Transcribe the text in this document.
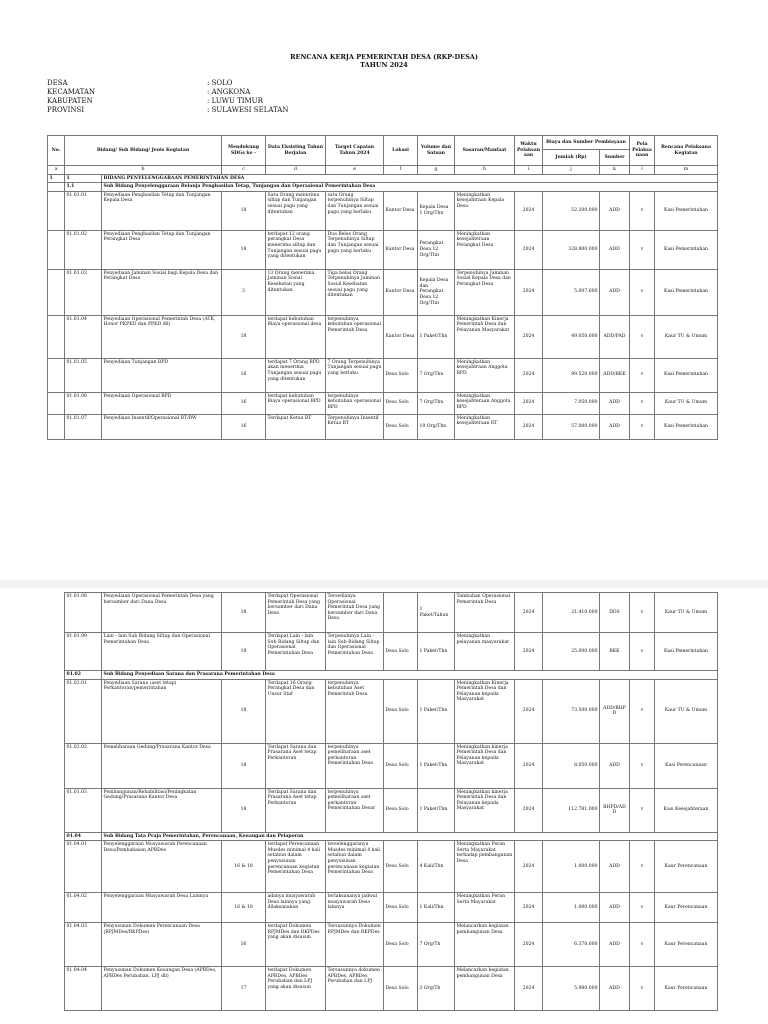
RENCANA KERJA PEMERINTAH DESA (RKP-DESA)
TAHUN 2024
DESA	: SOLO
KECAMATAN	: ANGKONA
KABUPATEN	: LUWU TIMUR
PROVINSI	: SULAWESI SELATAN
No.	Bidang/ Sub Bidang/ Jenis Kegiatan		Mendukung SDGs ke -	Data Eksisting Tahun Berjalan	Target Capaian Tahun 2024	Lokasi	Volume dan Satuan	Sasaran/Manfaat	Waktu Pelaksanaan	Biaya dan Sumber Pembiayaan		Pola Pelaksanaan	Rencana Pelaksana Kegiatan
										Jumlah (Rp)	Sumber		
a	b		c	d	e	f	g	h	i	j	k	l	m
1	1	BIDANG PENYELENGGARAAN PEMERINTAHAN DESA											
	1.1	Sub Bidang Penyelenggaraan Belanja Penghasilan Tetap, Tunjangan dan Operasional Pemerintahan Desa											
	01.01.01	Penyediaan Penghasilan Tetap dan Tunjangan Kepala Desa	18	Satu Orang menerima siltap dan Tunjangan sesuai pagu yang ditentukan	satu Orang terpenuhinya Siltap dan Tunjangan sesuai pagu yang berlaku	Kantor Desa	Kepala Desa 1 Org/Thn	Meningkatkan kesejahtraan Kepala Desa	2024	52.200.000	ADD	v	Kasi Pemerintahan
	01.01.02	Penyediaan Penghasilan Tetap dan Tunjangan Perangkat Desa	18	terdapat 12 orang perangkat Desa menerima siltap dan Tunjangan sesuai pagu yang ditentukan	Dua Belas Orang Terpenuhinya Siltap dan Tunjangan sesuai pagu yang berlaku	Kantor Desa	Perangkat Desa 12 Org/Thn	Meningkatkan kesejahteraan Perangkat Desa	2024	328.800.000	ADD	v	Kasi Pemerintahan
	01.01.03	Penyediaan Jaminan Sosial bagi Kepala Desa dan Perangkat Desa	3	13 Orang menerima Jaminan Sosial Kesehatan yang ditentukan	Tiga belas Orang Terpenuhinya Jaminan Sosial Kesehatan sesuai pagu yang ditentukan	Kantor Desa	Kepala Desa dan Perangkat Desa 12 Org/Thn	Terpenuhinya Jaminan Sosial Kepala Desa dan Perangkat Desa	2024	5.007.600	ADD	v	Kasi Pemerintahan
	01.01.04	Penyediaan Operasional Pemerintah Desa (ATK, Honor PKPKD dan PPKD dll)	18	terdapat kebutuhan Biaya operasional desa	terpenuhinya kebutuhan operasional Pemerintah Desa	Kantor Desa	1 Paket/Thn	Meningkatkan Kinerja Pemerintah Desa dan Pelayanan Masyarakat	2024	49.050.000	ADD/PAD	v	Kaur TU & Umum
	01.01.05	Penyediaan Tunjangan BPD	16	terdapat 7 Orang BPD akan menerima Tunjangan sesuai pagu yang ditentukan	7 Orang Terpenuhinya Tunjangan sesuai pagu yang berlaku	Desa Solo	7 Org/Thn	Meningkatkan kesejahtraan Anggota BPD	2024	99.520.000	ADD/BKK	v	Kasi Pemerintahan
	01.01.06	Penyediaan Operasional BPD	16	terdapat kebutuhan Biaya operasional BPD	terpenuhinya kebutuhan operasional BPD	Desa Solo	7 Org/Thn	Meningkatkan kesejahteraan Anggota BPD	2024	7.050.000	ADD	v	Kaur TU & Umum
	01.01.07	Penyediaan Insentif/Operasional RT/RW	16	Terdapat Ketua RT	Terpenuhinya Insentif Ketua RT	Desa Solo	19 Org/Thn	Meningkatkan kesejahteraan RT	2024	57.000.000	ADD	v	Kasi Pemerintahan
01.01.08	Penyediaan Operasional Pemerintah Desa yang bersumber dari Dana Desa	18	Terdapat Operasional Pemerintah Desa yang bersumber dari Dana Desa	Tersedianya Operasional Pemerintah Desa yang bersumber dari Dana Desa		1 Paket/Tahun	Tambahan Operasional Pemerintah Desa	2024	21.410.000	DDS	v	Kaur TU & Umum
01.01.99	Lain - lain Sub Bidang Siltap dan Operasional Pemerintahan Desa	18	Terdapat Lain - lain Sub Bidang Siltap dan Operasional Pemerintahan Desa	Terpenuhinya Lain - lain Sub Bidang Siltap dan Operasional Pemerintahan Desa	Desa Solo	1 Paket/Thn	Meningkatkan pelayanan masyarakat	2024	25.000.000	BKK	v	Kasi Pemerintahan
01.02	Sub Bidang Penyediaan Sarana dan Prasarana Pemerintahan Desa											
01.02.01	Penyediaan Sarana (aset tetap) Perkantoran/pemerintahan	18	Terdapat 16 Orang Perangkat Desa dan Unsur Staf	terpenuhinya kebutuhan Aset Pemerintah Desa	Desa Solo	1 Paket/Thn	Meningkatkan Kinerja Pemerintah Desa dan Pelayanan kepada Masyarakat	2024	73.500.000	ADD/BHPD	v	Kaur TU & Umum
01.02.02	Pemeliharaan Gedung/Prasarana Kantor Desa	18	Terdapat Sarana dan Prasarana Aset tetap Perkantoran	terpenuhinya pemeliharaan aset perkantoran Pemerintahan Desa	Desa Solo	1 Paket/Thn	Meningkatkan kinerja Pemerintah Desa dan Pelayanan kepada Masyarakat	2024	8.050.000	ADD	v	Kasi Perencanaan
01.01.03	Pembangunan/Rehabilitasi/Peningkatan Gedung/Prasarana Kantor Desa	18	Terdapat Sarana dan Prasarana Aset tetap Perkantoran	terpenuhinya pemeliharaan aset perkantoran Pemerintahan Desar	Desa Solo	1 Paket/Thn	Meningkatkan kinerja Pemerintah Desa dan Pelayanan kepada Masyarakat	2024	112.781.000	BHPD/ADD	v	Kasi Kesejahteraan
01.04	Sub Bidang Tata Praja Pemerintahan, Perencanaan, Keuangan dan Pelaporan											
01.04.01	Penyelenggaraan Musyawarah Perencanaan Desa/Pembahasan APBDes	16 & 18	terdapat Perencanaan Musdes minimal 4 kali setahun dalam penyusunan perencanaan kegiatan Pemerintahan Desa	terselenggaranya Musdes minimal 4 kali setahun dalam penyusunan perencanaan kegiatan Pemerintahan Desa	Desa Solo	4 Kali/Thn	Meningkatkan Peran Serta Mayarakat terhadap pembangunan Desa	2024	1.000.000	ADD	v	Kaur Perencanaan
01.04.02	Penyelenggaraan Musyawarah Desa Lainnya	16 & 18	adanya musyawarah Desa lainnya yang dilaksanakan	terlaksananya jadwal musyawarah Desa lainnya	Desa Solo	1 Kali/Thn	Meningkatkan Peran Serta Mayarakat	2024	1.000.000	ADD	v	Kaur Perencanaan
01.04.03	Penyusunan Dokumen Perencanaan Desa (RPJMDes/RKPDes)	16	terdapat Dokumen RPJMDes dan RKPDes yang akan disusun	Tersusunnya Dokumen RPJMDes dan RKPDes	Desa Solo	7 Org/Th	Melancarkan kegiatan pembangunan Desa	2024	6.370.000	ADD	v	Kaur Perencanaan
01.04.04	Penyusunan Dokumen Keuangan Desa (APBDes, APBDes Perubahan, LPJ dll)	17	terdapat Dokumen APBDes, APBDes Perubahan dan LPJ yang akan disusun	Tersusunnya dokumen APBDes, APBDes Perubahan dan LPJ	Desa Solo	3 Org/Th	Melancarkan kegiatan pembangunan Desa	2024	5.980.000	ADD	v	Kaur Perencanaan
